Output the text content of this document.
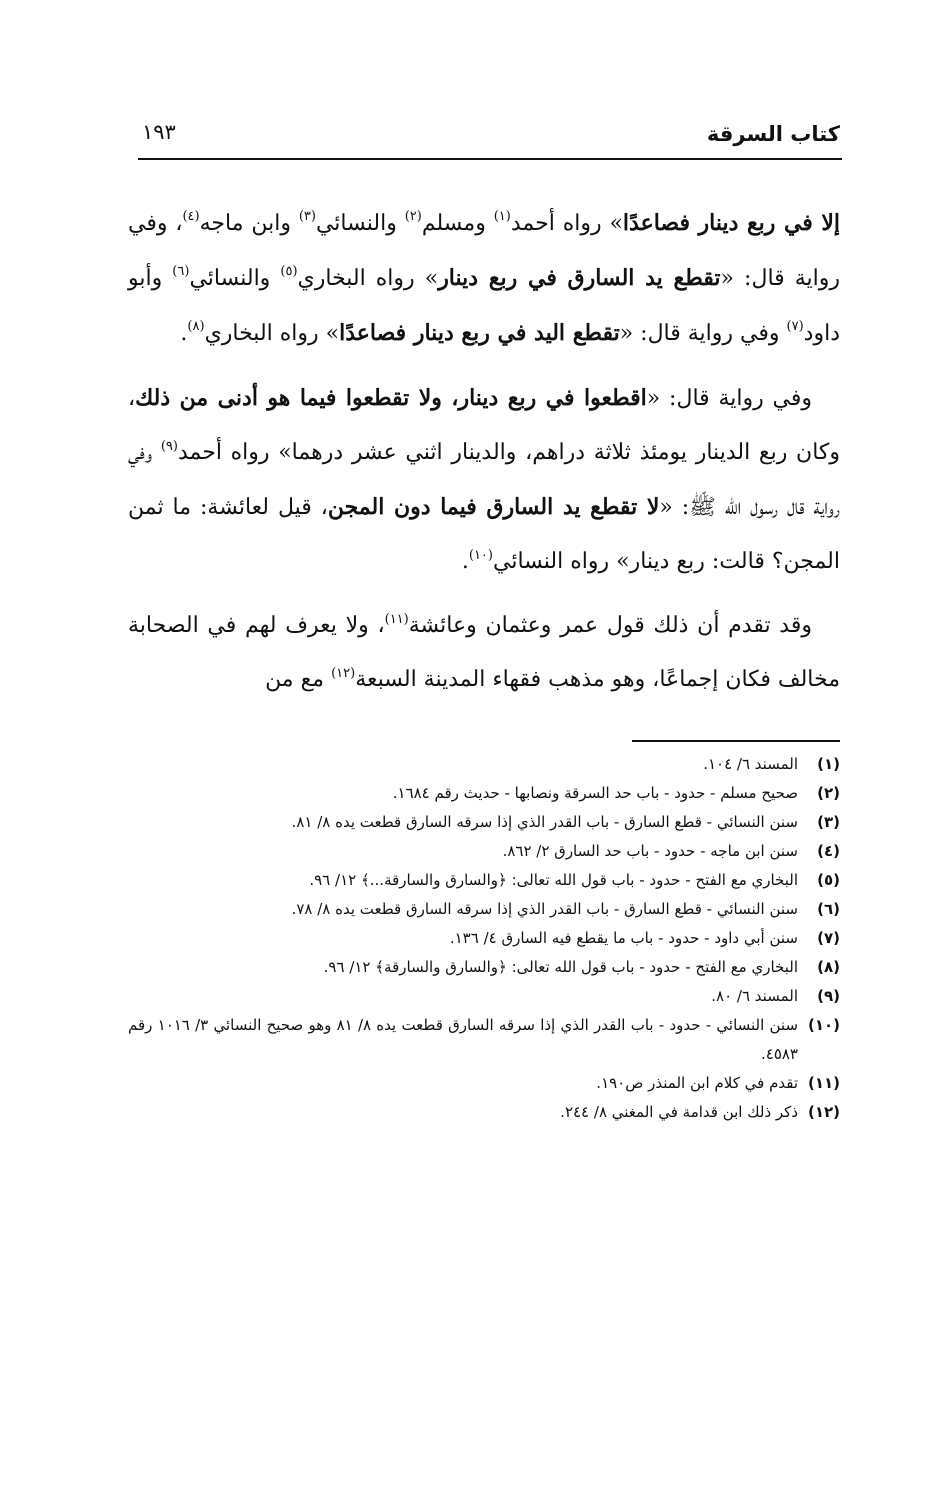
كتاب السرقة
١٩٣

إلا في ربع دينار فصاعدًا» رواه أحمد$^{(١)}$ ومسلم$^{(٢)}$ والنسائي$^{(٣)}$ وابن ماجه$^{(٤)}$، وفي رواية قال: «تقطع يد السارق في ربع دينار» رواه البخاري$^{(٥)}$ والنسائي$^{(٦)}$ وأبو داود$^{(٧)}$ وفي رواية قال: «تقطع اليد في ربع دينار فصاعدًا» رواه البخاري$^{(٨)}$.

وفي رواية قال: «اقطعوا في ربع دينار، ولا تقطعوا فيما هو أدنى من ذلك، وكان ربع الدينار يومئذ ثلاثة دراهم، والدينار اثني عشر درهما» رواه أحمد$^{(٩)}$ وفي رواية قال رسول الله ﷺ: «لا تقطع يد السارق فيما دون المجن، قيل لعائشة: ما ثمن المجن؟ قالت: ربع دينار» رواه النسائي$^{(١٠)}$.

وقد تقدم أن ذلك قول عمر وعثمان وعائشة$^{(١١)}$، ولا يعرف لهم في الصحابة مخالف فكان إجماعًا، وهو مذهب فقهاء المدينة السبعة$^{(١٢)}$ مع من

(١)
المسند ٦/ ١٠٤.

(٢)
صحيح مسلم - حدود - باب حد السرقة ونصابها - حديث رقم ١٦٨٤.

(٣)
سنن النسائي - قطع السارق - باب القدر الذي إذا سرقه السارق قطعت يده ٨/ ٨١.

(٤)
سنن ابن ماجه - حدود - باب حد السارق ٢/ ٨٦٢.

(٥)
البخاري مع الفتح - حدود - باب قول الله تعالى: ﴿والسارق والسارقة...﴾ ١٢/ ٩٦.

(٦)
سنن النسائي - قطع السارق - باب القدر الذي إذا سرقه السارق قطعت يده ٨/ ٧٨.

(٧)
سنن أبي داود - حدود - باب ما يقطع فيه السارق ٤/ ١٣٦.

(٨)
البخاري مع الفتح - حدود - باب قول الله تعالى: ﴿والسارق والسارقة﴾ ١٢/ ٩٦.

(٩)
المسند ٦/ ٨٠.

(١٠)
سنن النسائي - حدود - باب القدر الذي إذا سرقه السارق قطعت يده ٨/ ٨١ وهو صحيح النسائي ٣/ ١٠١٦ رقم ٤٥٨٣.

(١١)
تقدم في كلام ابن المنذر ص١٩٠.

(١٢)
ذكر ذلك ابن قدامة في المغني ٨/ ٢٤٤.
